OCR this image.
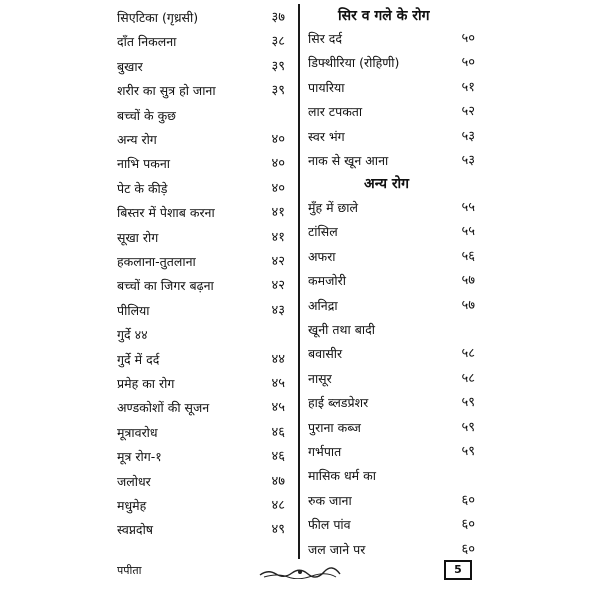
सिएटिका (गृध्रसी)	३७
दाँत निकलना	३८
बुखार	३९
शरीर का सुत्र हो जाना	३९
बच्चों के कुछ
अन्य रोग	४०
नाभि पकना	४०
पेट के कीड़े	४०
बिस्तर में पेशाब करना	४१
सूखा रोग	४१
हकलाना-तुतलाना	४२
बच्चों का जिगर बढ़ना	४२
पीलिया	४३
गुर्दे ४४
गुर्दे में दर्द	४४
प्रमेह का रोग	४५
अण्डकोशों की सूजन	४५
मूत्रावरोध	४६
मूत्र रोग-१	४६
जलोधर	४७
मधुमेह	४८
स्वप्नदोष	४९
सिर व गले के रोग
अन्य रोग
सिर दर्द	५०
डिफ्थीरिया (रोहिणी)	५०
पायरिया	५१
लार टपकता	५२
स्वर भंग	५३
नाक से खून आना	५३
मुँह में छाले	५५
टांसिल	५५
अफरा	५६
कमजोरी	५७
अनिद्रा	५७
खूनी तथा बादी
बवासीर	५८
नासूर	५८
हाई ब्लडप्रेशर	५९
पुराना कब्ज	५९
गर्भपात	५९
मासिक धर्म का
रुक जाना	६०
फील पांव	६०
जल जाने पर	६०
पपीता	5
